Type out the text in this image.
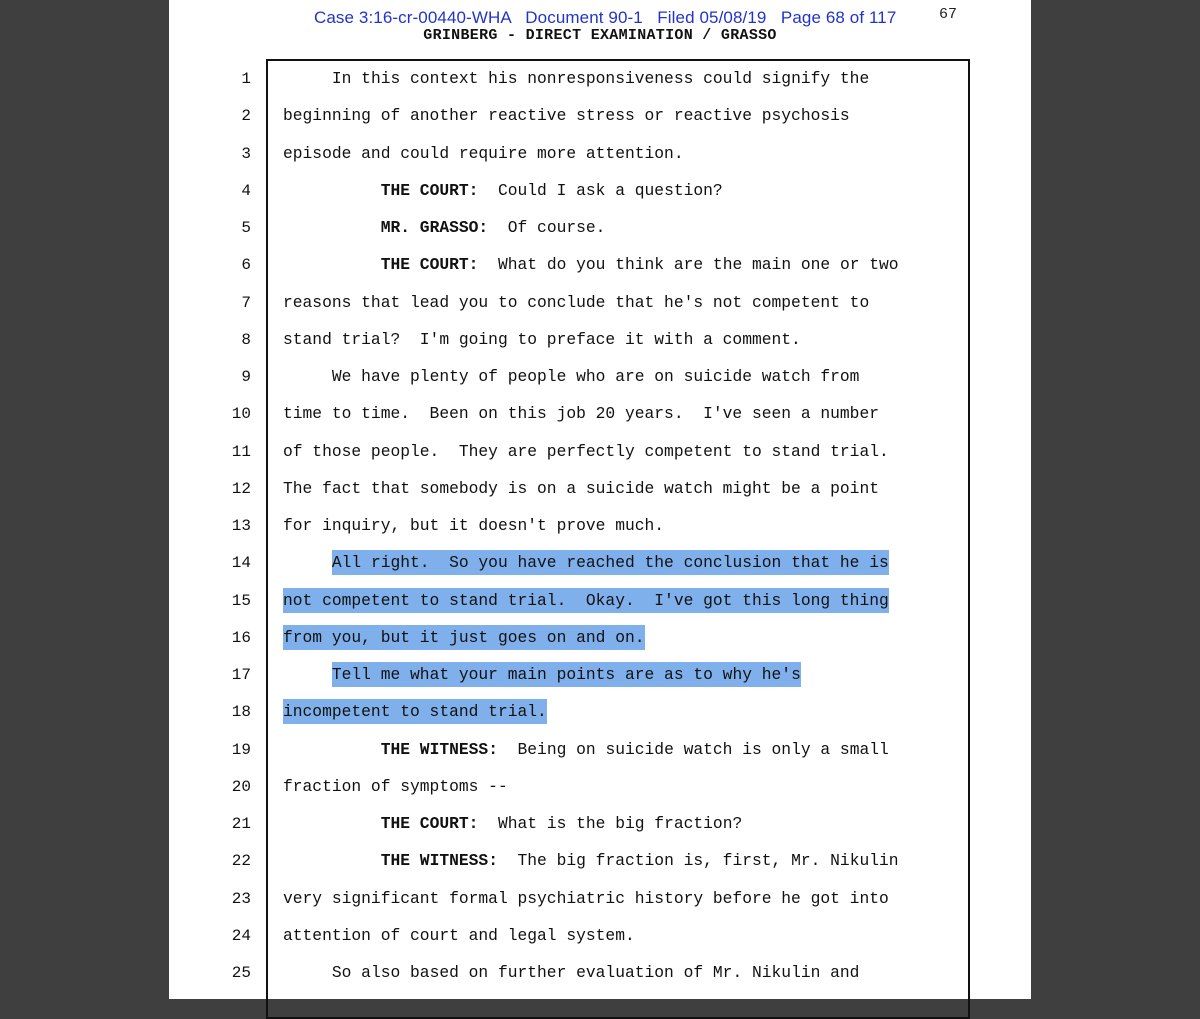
Case 3:16-cr-00440-WHA   Document 90-1   Filed 05/08/19   Page 68 of 117	67
GRINBERG - DIRECT EXAMINATION / GRASSO
1	In this context his nonresponsiveness could signify the
2 beginning of another reactive stress or reactive psychosis
3 episode and could require more attention.
4	THE COURT:  Could I ask a question?
5	MR. GRASSO:  Of course.
6	THE COURT:  What do you think are the main one or two
7 reasons that lead you to conclude that he's not competent to
8 stand trial?  I'm going to preface it with a comment.
9	We have plenty of people who are on suicide watch from
10 time to time.  Been on this job 20 years.  I've seen a number
11 of those people.  They are perfectly competent to stand trial.
12 The fact that somebody is on a suicide watch might be a point
13 for inquiry, but it doesn't prove much.
14	All right.  So you have reached the conclusion that he is
15 not competent to stand trial.  Okay.  I've got this long thing
16 from you, but it just goes on and on.
17	Tell me what your main points are as to why he's
18 incompetent to stand trial.
19	THE WITNESS:  Being on suicide watch is only a small
20 fraction of symptoms --
21	THE COURT:  What is the big fraction?
22	THE WITNESS:  The big fraction is, first, Mr. Nikulin
23 very significant formal psychiatric history before he got into
24 attention of court and legal system.
25	So also based on further evaluation of Mr. Nikulin and
